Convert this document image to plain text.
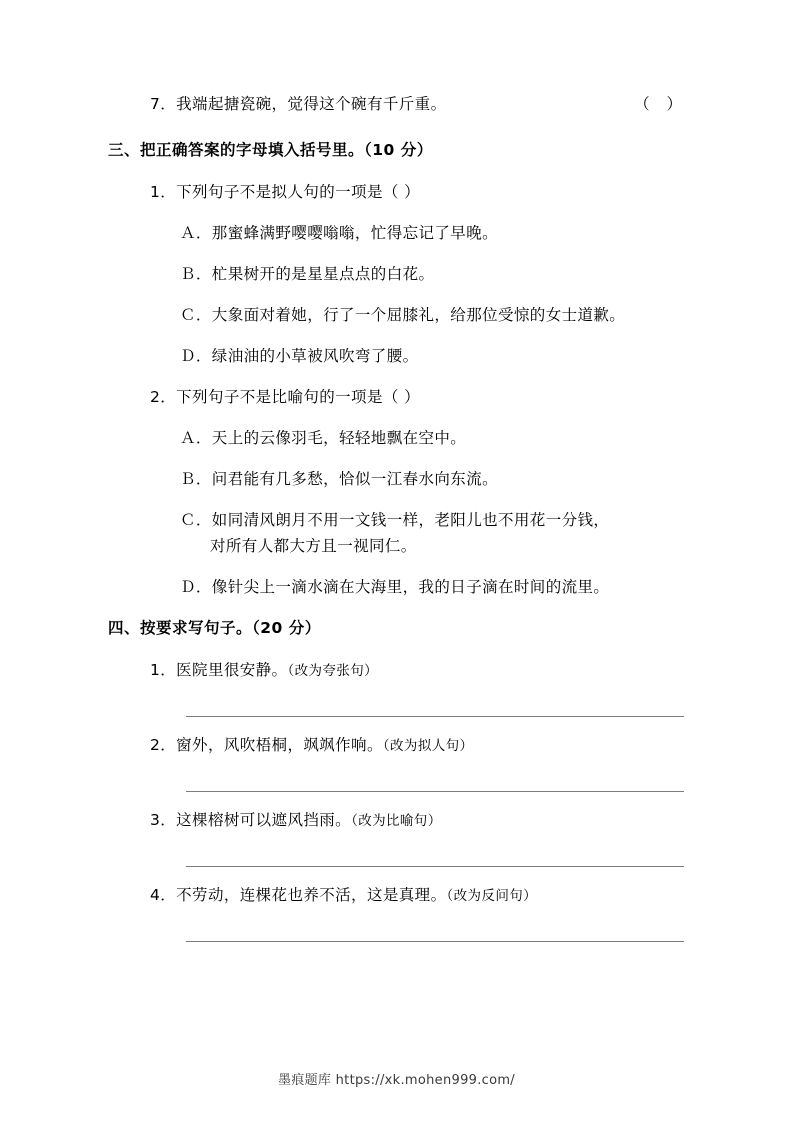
7．我端起搪瓷碗，觉得这个碗有千斤重。	（ ）
三、把正确答案的字母填入括号里。（10 分）
1．下列句子不是拟人句的一项是（ ）
Ａ．那蜜蜂满野嘤嘤嗡嗡，忙得忘记了早晚。
Ｂ．杧果树开的是星星点点的白花。
Ｃ．大象面对着她，行了一个屈膝礼，给那位受惊的女士道歉。
Ｄ．绿油油的小草被风吹弯了腰。
2．下列句子不是比喻句的一项是（ ）
Ａ．天上的云像羽毛，轻轻地飘在空中。
Ｂ．问君能有几多愁，恰似一江春水向东流。
Ｃ．如同清风朗月不用一文钱一样，老阳儿也不用花一分钱，
对所有人都大方且一视同仁。
Ｄ．像针尖上一滴水滴在大海里，我的日子滴在时间的流里。
四、按要求写句子。（20 分）
1．医院里很安静。（改为夸张句）
2．窗外，风吹梧桐，飒飒作响。（改为拟人句）
3．这棵榕树可以遮风挡雨。（改为比喻句）
4．不劳动，连棵花也养不活，这是真理。（改为反问句）
墨痕题库 https://xk.mohen999.com/
